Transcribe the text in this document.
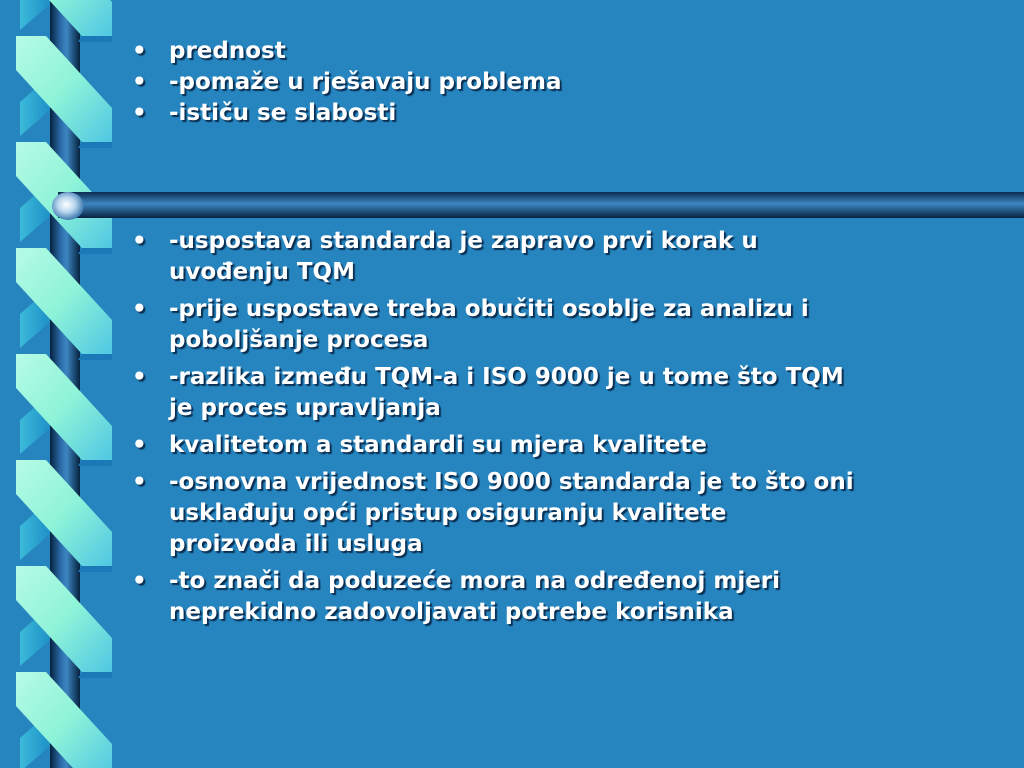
• prednost
• -pomaže u rješavaju problema
• -ističu se slabosti
• -uspostava standarda je zapravo prvi korak u
uvođenju TQM
• -prije uspostave treba obučiti osoblje za analizu i
poboljšanje procesa
• -razlika između TQM-a i ISO 9000 je u tome što TQM
je proces upravljanja
• kvalitetom a standardi su mjera kvalitete
• -osnovna vrijednost ISO 9000 standarda je to što oni
usklađuju opći pristup osiguranju kvalitete
proizvoda ili usluga
• -to znači da poduzeće mora na određenoj mjeri
neprekidno zadovoljavati potrebe korisnika
